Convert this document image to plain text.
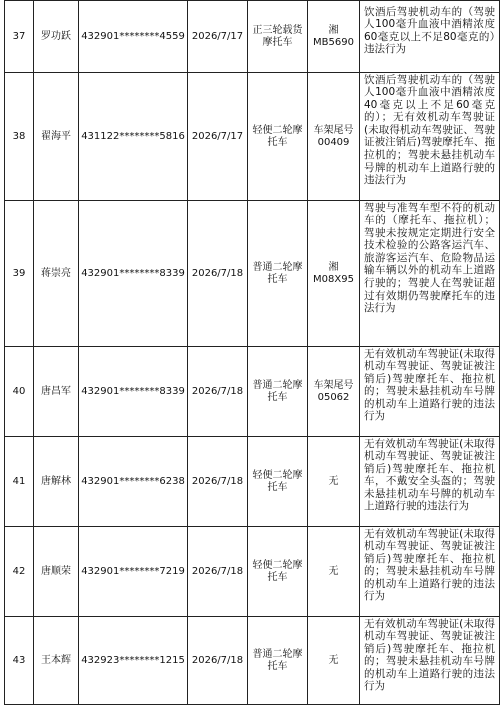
37	罗功跃	432901********4559	2026/7/17	正三轮载货摩托车	湘MB5690	饮酒后驾驶机动车的（驾驶人100毫升血液中酒精浓度60毫克以上不足80毫克的）违法行为

38	翟海平	431122********5816	2026/7/17	轻便二轮摩托车	车架尾号00409	饮酒后驾驶机动车的（驾驶人100毫升血液中酒精浓度40毫克以上不足60毫克的）；无有效机动车驾驶证(未取得机动车驾驶证、驾驶证被注销后)驾驶摩托车、拖拉机的；驾驶未悬挂机动车号牌的机动车上道路行驶的违法行为

39	蒋崇亮	432901********8339	2026/7/18	普通二轮摩托车	湘M08X95	驾驶与准驾车型不符的机动车的（摩托车、拖拉机）；驾驶未按规定定期进行安全技术检验的公路客运汽车、旅游客运汽车、危险物品运输车辆以外的机动车上道路行驶的；驾驶人在驾驶证超过有效期仍驾驶摩托车的违法行为

40	唐昌军	432901********8339	2026/7/18	普通二轮摩托车	车架尾号05062	无有效机动车驾驶证(未取得机动车驾驶证、驾驶证被注销后)驾驶摩托车、拖拉机的；驾驶未悬挂机动车号牌的机动车上道路行驶的违法行为

41	唐解林	432901********6238	2026/7/18	轻便二轮摩托车	无	无有效机动车驾驶证(未取得机动车驾驶证、驾驶证被注销后)驾驶摩托车、拖拉机车，不戴安全头盔的；驾驶未悬挂机动车号牌的机动车上道路行驶的违法行为

42	唐顺荣	432901********7219	2026/7/18	轻便二轮摩托车	无	无有效机动车驾驶证(未取得机动车驾驶证、驾驶证被注销后)驾驶摩托车、拖拉机的；驾驶未悬挂机动车号牌的机动车上道路行驶的违法行为

43	王本辉	432923********1215	2026/7/18	普通二轮摩托车	无	无有效机动车驾驶证(未取得机动车驾驶证、驾驶证被注销后)驾驶摩托车、拖拉机的；驾驶未悬挂机动车号牌的机动车上道路行驶的违法行为
